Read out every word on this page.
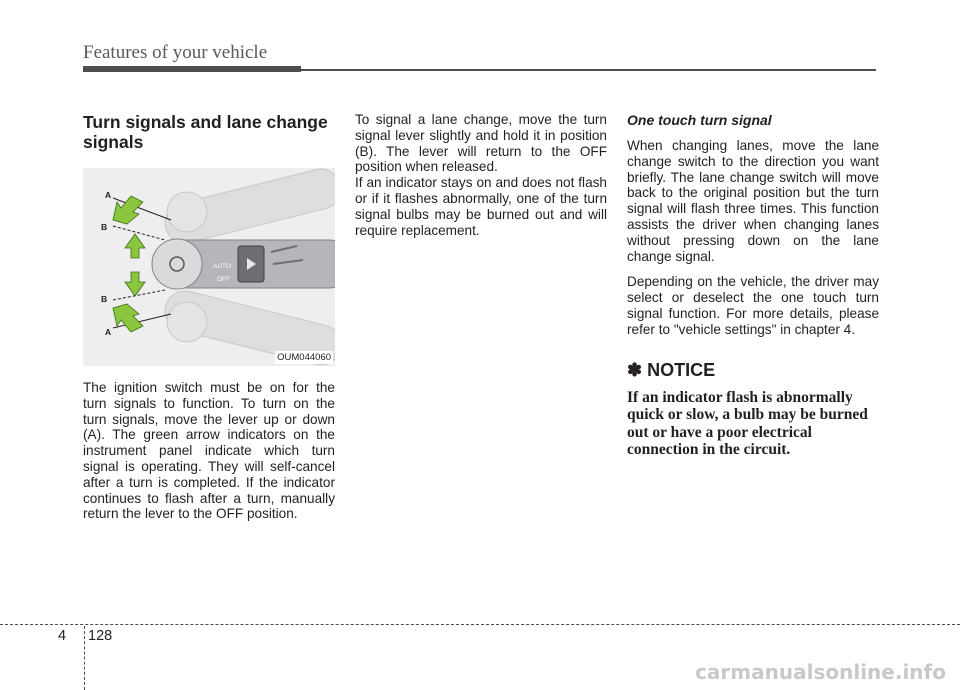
Features of your vehicle

Turn signals and lane change signals

AUTO
OFF
A
B
B
A
OUM044060

The ignition switch must be on for the turn signals to function. To turn on the turn signals, move the lever up or down (A). The green arrow indicators on the instrument panel indicate which turn signal is operating. They will self-cancel after a turn is completed. If the indicator continues to flash after a turn, manually return the lever to the OFF position.

To signal a lane change, move the turn signal lever slightly and hold it in position (B). The lever will return to the OFF position when released.

If an indicator stays on and does not flash or if it flashes abnormally, one of the turn signal bulbs may be burned out and will require replacement.

One touch turn signal

When changing lanes, move the lane change switch to the direction you want briefly. The lane change switch will move back to the original position but the turn signal will flash three times. This function assists the driver when changing lanes without pressing down on the lane change signal.

Depending on the vehicle, the driver may select or deselect the one touch turn signal function. For more details, please refer to "vehicle settings" in chapter 4.

✽ NOTICE

If an indicator flash is abnormally quick or slow, a bulb may be burned out or have a poor electrical connection in the circuit.

4 128
carmanualsonline.info
